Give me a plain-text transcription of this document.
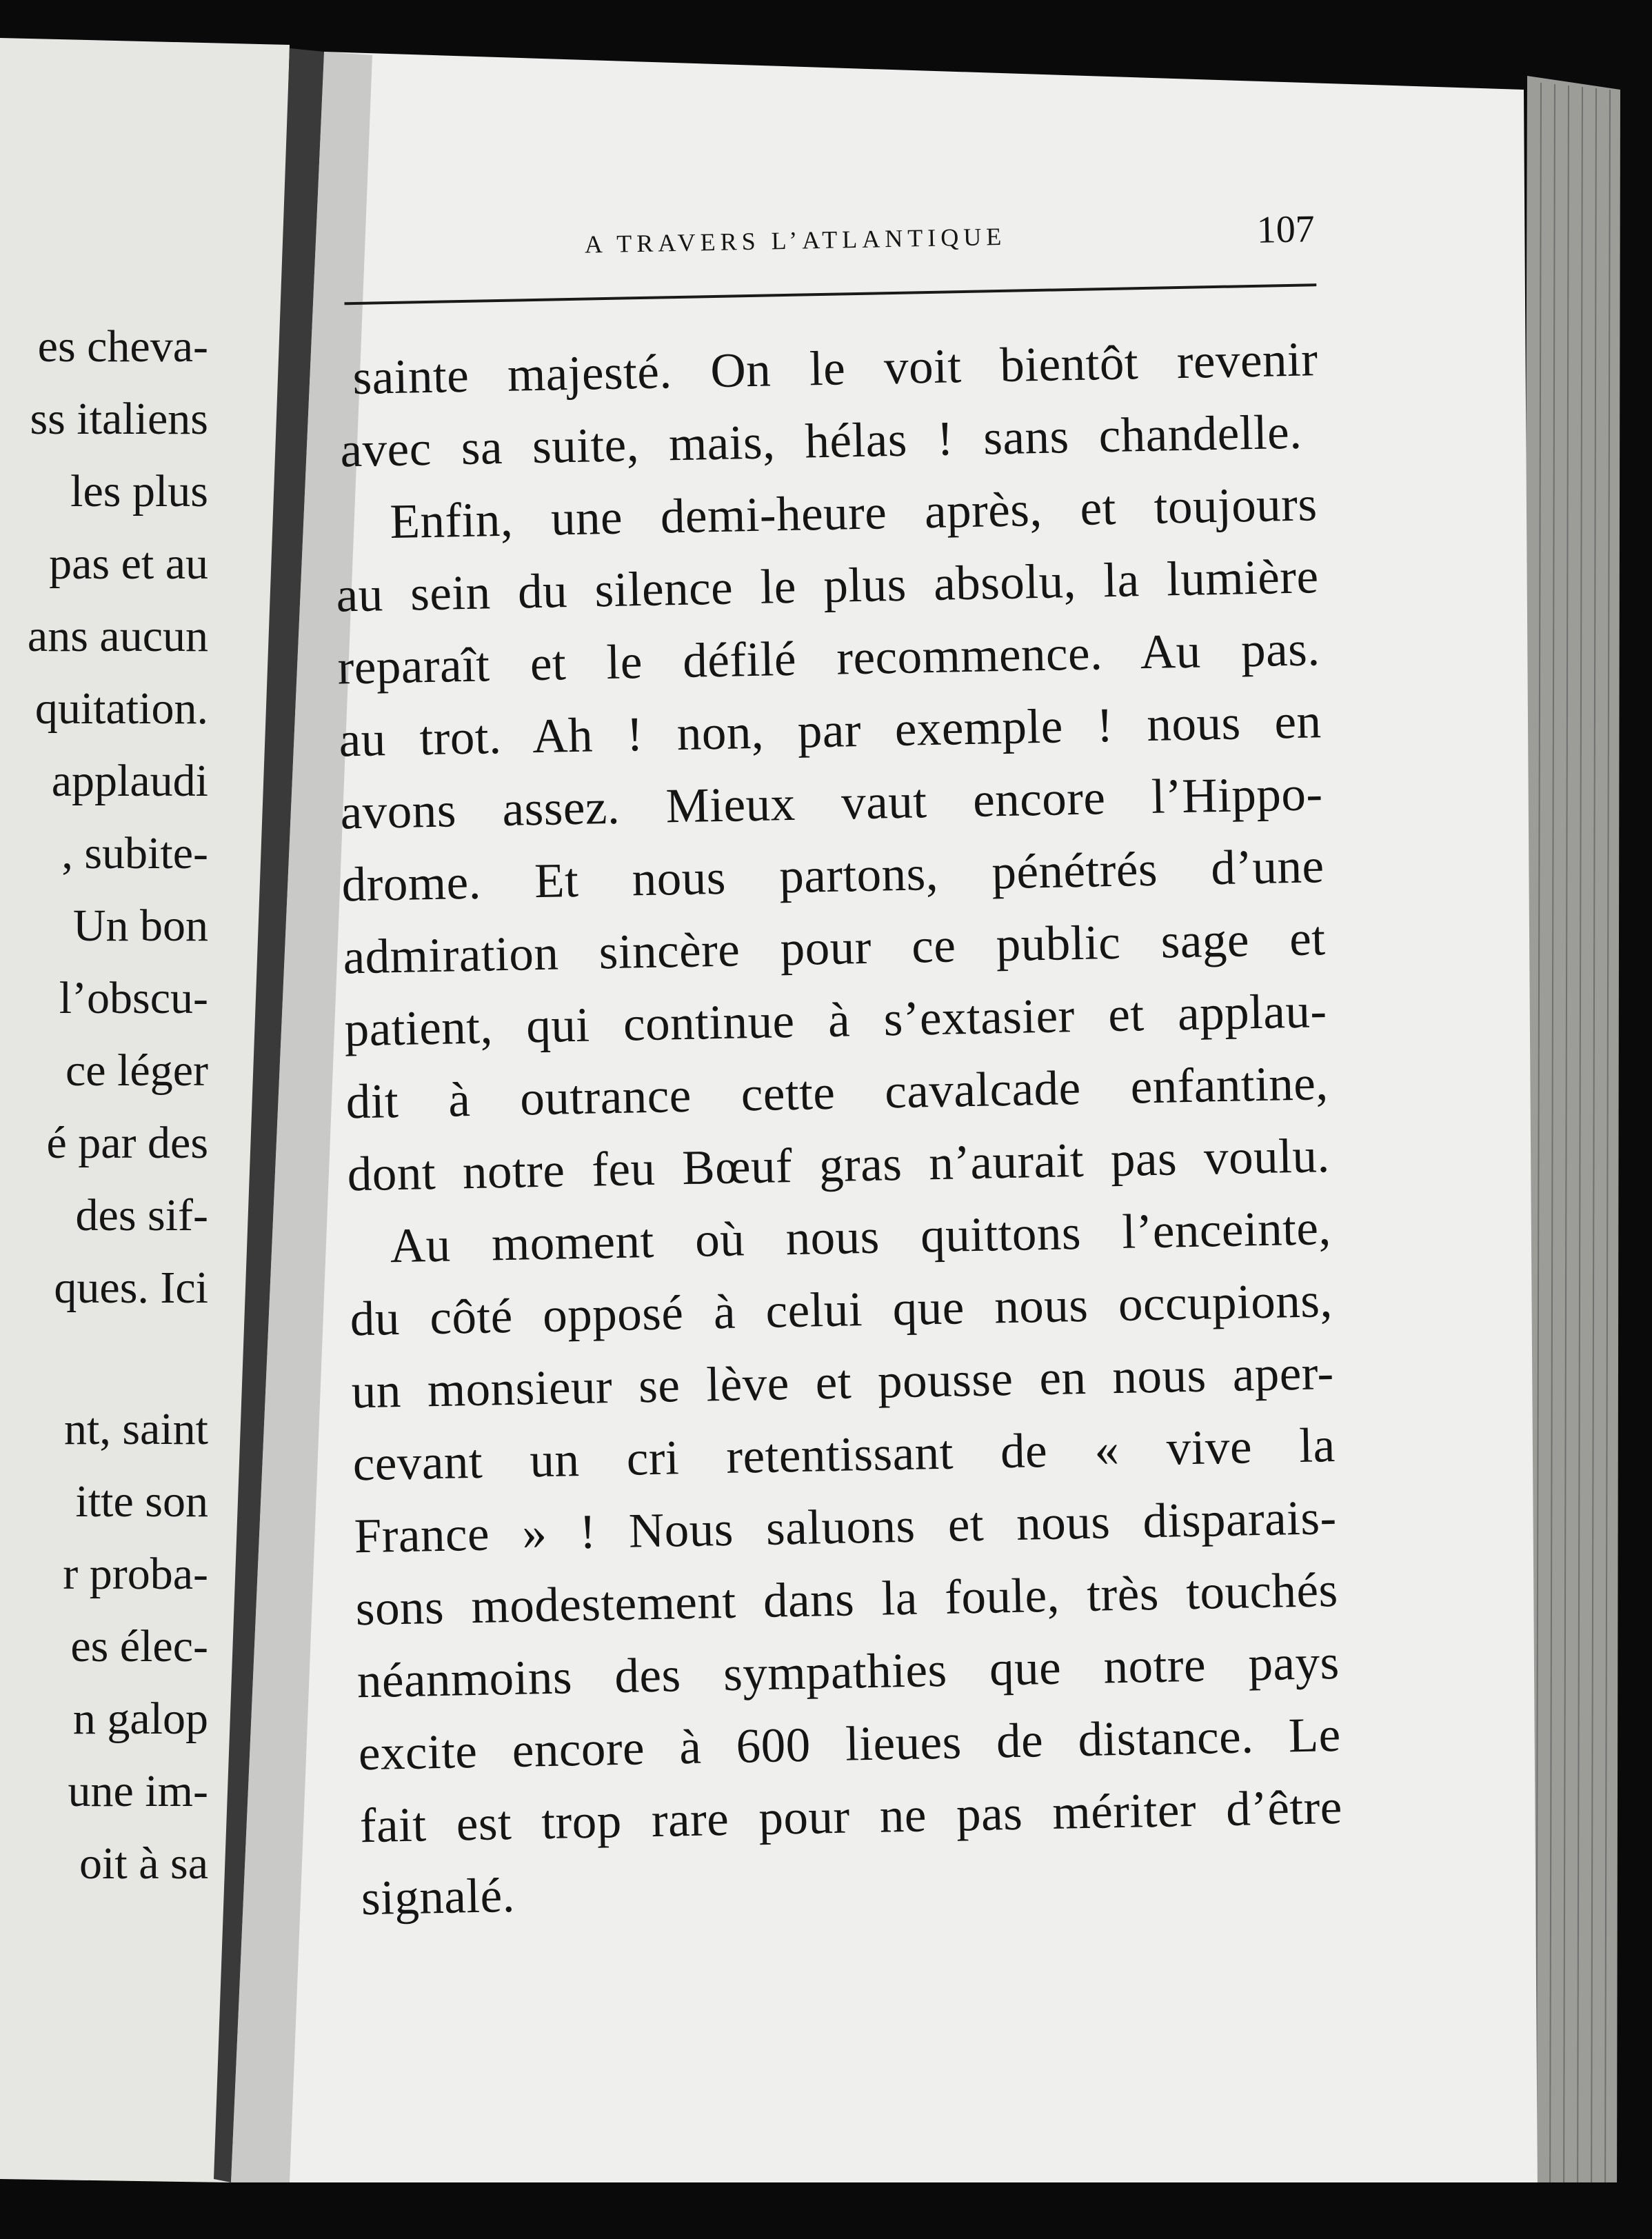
es cheva-

ss italiens

les plus

pas et au

ans aucun

quitation.

applaudi

, subite-

Un bon

l’obscu-

ce léger

é par des

des sif-

ques. Ici

nt, saint

itte son

r proba-

es élec-

n galop

une im-

oit à sa

A TRAVERS L’ATLANTIQUE	107

sainte majesté. On le voit bientôt revenir

avec sa suite, mais, hélas ! sans chandelle.

Enfin, une demi-heure après, et toujours

au sein du silence le plus absolu, la lumière

reparaît et le défilé recommence. Au pas.

au trot. Ah ! non, par exemple ! nous en

avons assez. Mieux vaut encore l’Hippo-

drome. Et nous partons, pénétrés d’une

admiration sincère pour ce public sage et

patient, qui continue à s’extasier et applau-

dit à outrance cette cavalcade enfantine,

dont notre feu Bœuf gras n’aurait pas voulu.

Au moment où nous quittons l’enceinte,

du côté opposé à celui que nous occupions,

un monsieur se lève et pousse en nous aper-

cevant un cri retentissant de « vive la

France » ! Nous saluons et nous disparais-

sons modestement dans la foule, très touchés

néanmoins des sympathies que notre pays

excite encore à 600 lieues de distance. Le

fait est trop rare pour ne pas mériter d’être

signalé.
